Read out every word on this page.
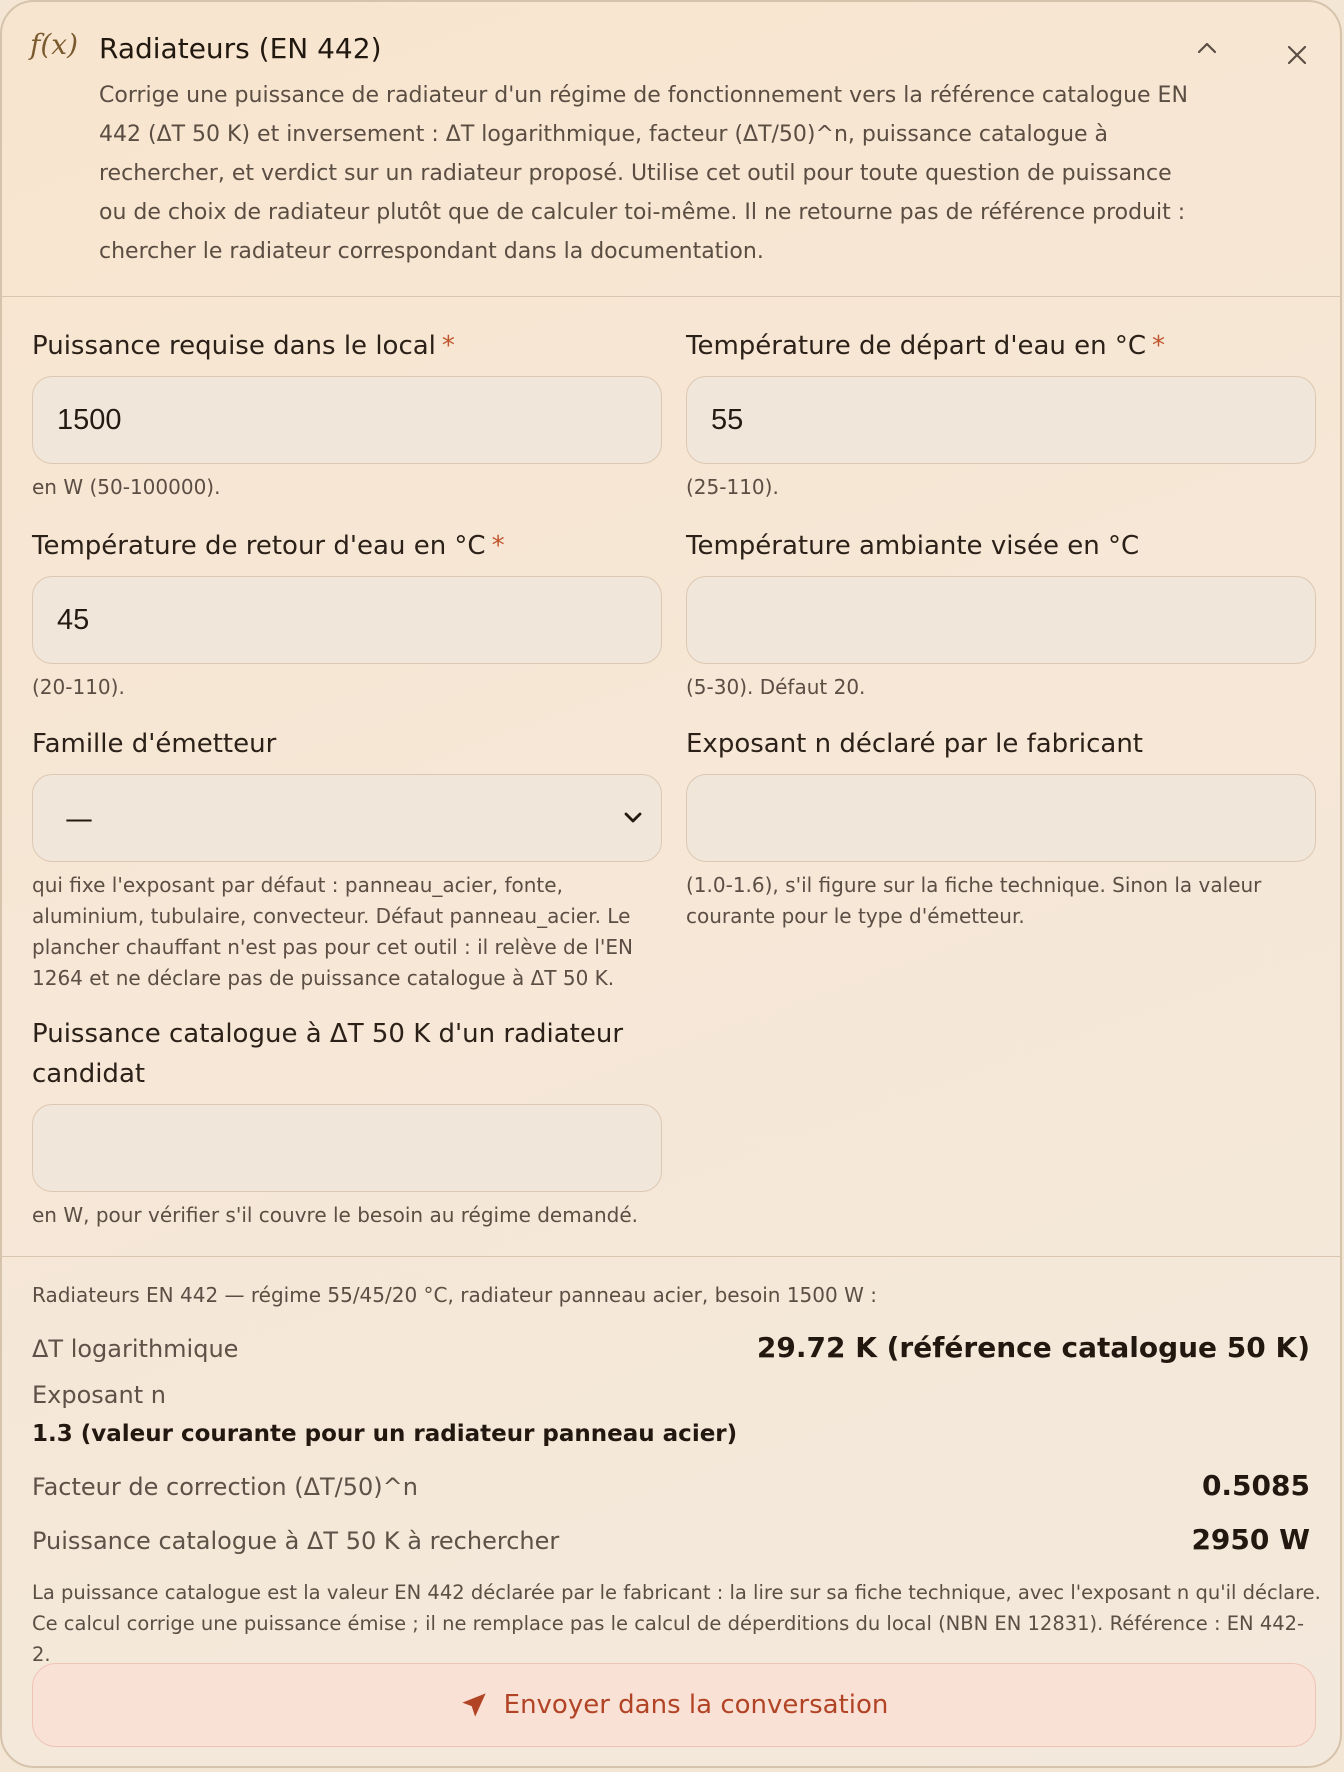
f(x) Radiateurs (EN 442)
Corrige une puissance de radiateur d'un régime de fonctionnement vers la référence catalogue EN 442 (ΔT 50 K) et inversement : ΔT logarithmique, facteur (ΔT/50)^n, puissance catalogue à rechercher, et verdict sur un radiateur proposé. Utilise cet outil pour toute question de puissance ou de choix de radiateur plutôt que de calculer toi-même. Il ne retourne pas de référence produit : chercher le radiateur correspondant dans la documentation.
Puissance requise dans le local *
1500
en W (50-100000).
Température de départ d'eau en °C *
55
(25-110).
Température de retour d'eau en °C *
45
(20-110).
Température ambiante visée en °C
(5-30). Défaut 20.
Famille d'émetteur
—
qui fixe l'exposant par défaut : panneau_acier, fonte, aluminium, tubulaire, convecteur. Défaut panneau_acier. Le plancher chauffant n'est pas pour cet outil : il relève de l'EN 1264 et ne déclare pas de puissance catalogue à ΔT 50 K.
Exposant n déclaré par le fabricant
(1.0-1.6), s'il figure sur la fiche technique. Sinon la valeur courante pour le type d'émetteur.
Puissance catalogue à ΔT 50 K d'un radiateur candidat
en W, pour vérifier s'il couvre le besoin au régime demandé.
Radiateurs EN 442 — régime 55/45/20 °C, radiateur panneau acier, besoin 1500 W :
ΔT logarithmique	29.72 K (référence catalogue 50 K)
Exposant n
1.3 (valeur courante pour un radiateur panneau acier)
Facteur de correction (ΔT/50)^n	0.5085
Puissance catalogue à ΔT 50 K à rechercher	2950 W
La puissance catalogue est la valeur EN 442 déclarée par le fabricant : la lire sur sa fiche technique, avec l'exposant n qu'il déclare. Ce calcul corrige une puissance émise ; il ne remplace pas le calcul de déperditions du local (NBN EN 12831). Référence : EN 442-2.
Envoyer dans la conversation
